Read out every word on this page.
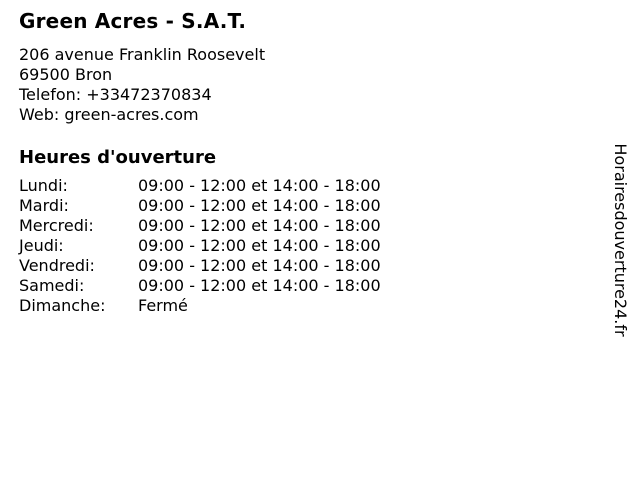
Green Acres - S.A.T.
206 avenue Franklin Roosevelt
69500 Bron
Telefon: +33472370834
Web: green-acres.com
Heures d'ouverture
Lundi:	09:00 - 12:00 et 14:00 - 18:00
Mardi:	09:00 - 12:00 et 14:00 - 18:00
Mercredi:	09:00 - 12:00 et 14:00 - 18:00
Jeudi:	09:00 - 12:00 et 14:00 - 18:00
Vendredi:	09:00 - 12:00 et 14:00 - 18:00
Samedi:	09:00 - 12:00 et 14:00 - 18:00
Dimanche:	Fermé	Horairesdouverture24.fr
